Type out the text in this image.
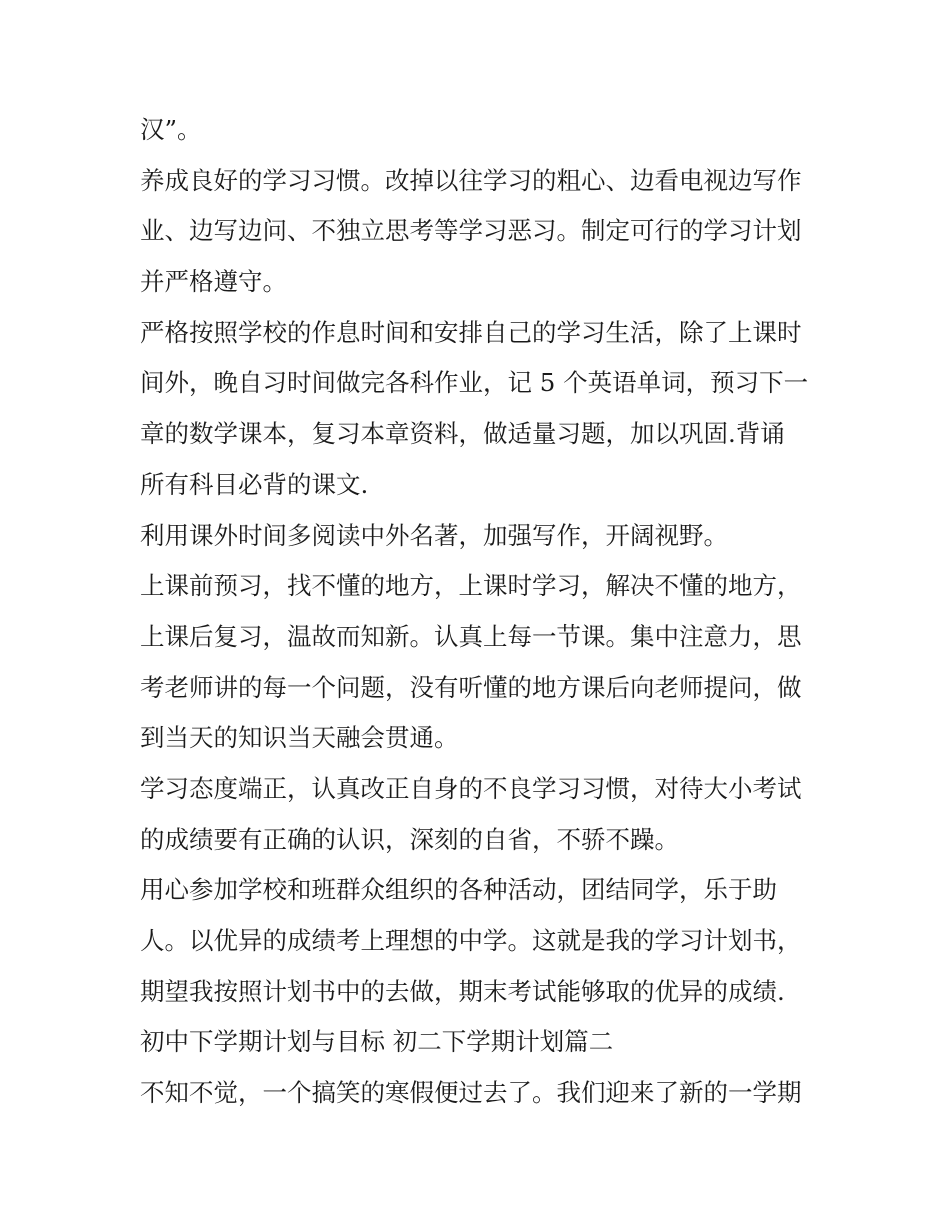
汉”。
养成良好的学习习惯。改掉以往学习的粗心、边看电视边写作
业、边写边问、不独立思考等学习恶习。制定可行的学习计划
并严格遵守。
严格按照学校的作息时间和安排自己的学习生活，除了上课时
间外，晚自习时间做完各科作业，记 5 个英语单词，预习下一
章的数学课本，复习本章资料，做适量习题，加以巩固.背诵
所有科目必背的课文.
利用课外时间多阅读中外名著，加强写作，开阔视野。
上课前预习，找不懂的地方，上课时学习，解决不懂的地方，
上课后复习，温故而知新。认真上每一节课。集中注意力，思
考老师讲的每一个问题，没有听懂的地方课后向老师提问，做
到当天的知识当天融会贯通。
学习态度端正，认真改正自身的不良学习习惯，对待大小考试
的成绩要有正确的认识，深刻的自省，不骄不躁。
用心参加学校和班群众组织的各种活动，团结同学，乐于助
人。以优异的成绩考上理想的中学。这就是我的学习计划书，
期望我按照计划书中的去做，期末考试能够取的优异的成绩.
初中下学期计划与目标 初二下学期计划篇二
不知不觉，一个搞笑的寒假便过去了。我们迎来了新的一学期
